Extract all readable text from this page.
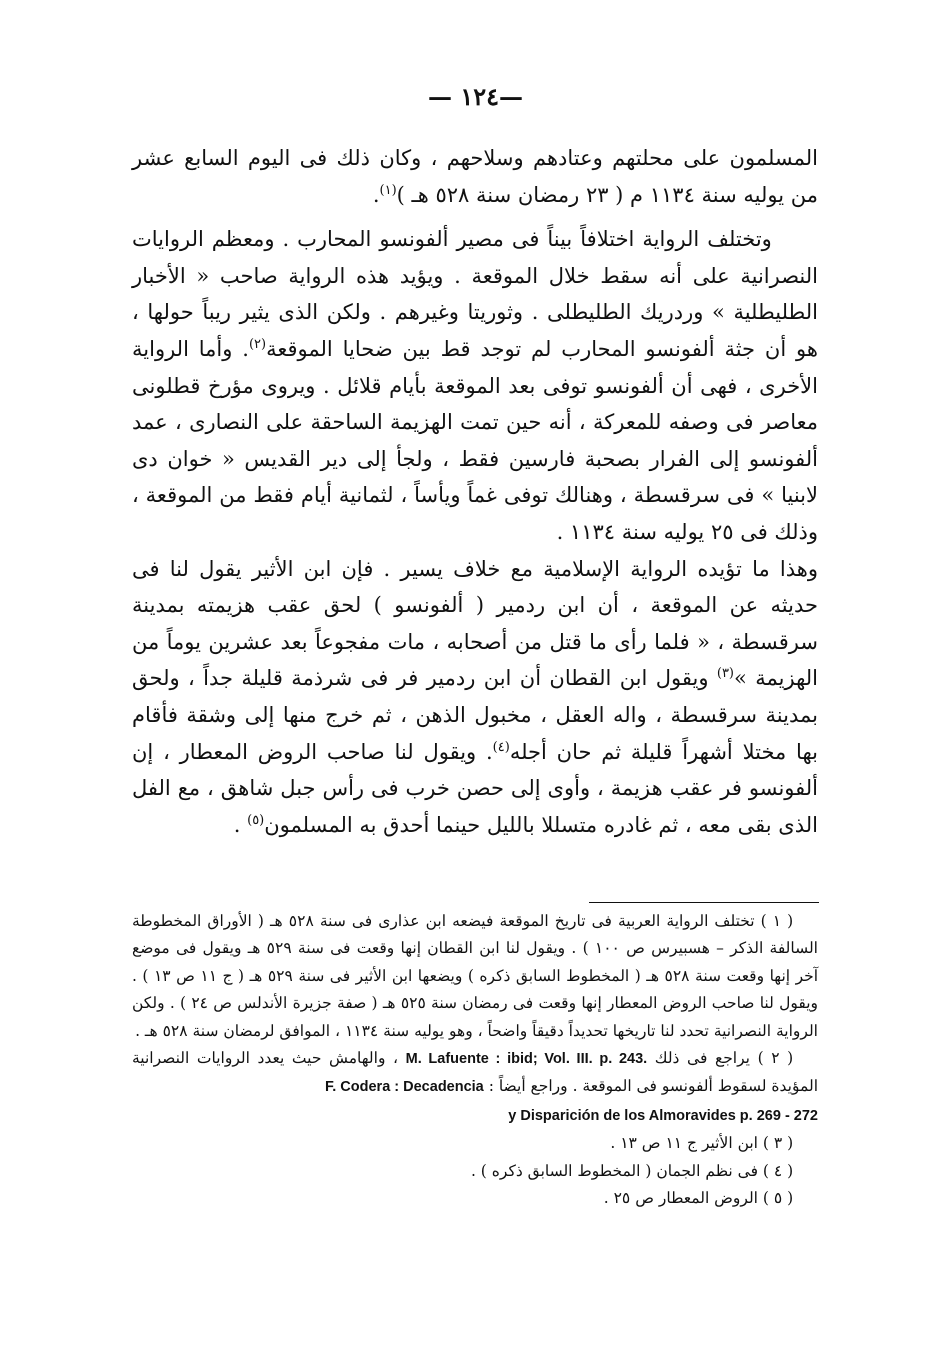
—١٢٤ —

المسلمون على محلتهم وعتادهم وسلاحهم ، وكان ذلك فى اليوم السابع عشر من يوليه سنة ١١٣٤ م ( ٢٣ رمضان سنة ٥٢٨ هـ )$^{(١)}$.

وتختلف الرواية اختلافاً بيناً فى مصير ألفونسو المحارب . ومعظم الروايات النصرانية على أنه سقط خلال الموقعة . ويؤيد هذه الرواية صاحب « الأخبار الطليطلية » وردريك الطليطلى . وثوريتا وغيرهم . ولكن الذى يثير ريباً حولها ، هو أن جثة ألفونسو المحارب لم توجد قط بين ضحايا الموقعة$^{(٢)}$. وأما الرواية الأخرى ، فهى أن ألفونسو توفى بعد الموقعة بأيام قلائل . ويروى مؤرخ قطلونى معاصر فى وصفه للمعركة ، أنه حين تمت الهزيمة الساحقة على النصارى ، عمد ألفونسو إلى الفرار بصحبة فارسين فقط ، ولجأ إلى دير القديس « خوان دى لابنيا » فى سرقسطة ، وهنالك توفى غماً ويأساً ، لثمانية أيام فقط من الموقعة ، وذلك فى ٢٥ يوليه سنة ١١٣٤ .

وهذا ما تؤيده الرواية الإسلامية مع خلاف يسير . فإن ابن الأثير يقول لنا فى حديثه عن الموقعة ، أن ابن ردمير ( ألفونسو ) لحق عقب هزيمته بمدينة سرقسطة ، « فلما رأى ما قتل من أصحابه ، مات مفجوعاً بعد عشرين يوماً من الهزيمة »$^{(٣)}$ ويقول ابن القطان أن ابن ردمير فر فى شرذمة قليلة جداً ، ولحق بمدينة سرقسطة ، واله العقل ، مخبول الذهن ، ثم خرج منها إلى وشقة فأقام بها مختلا أشهراً قليلة ثم حان أجله$^{(٤)}$. ويقول لنا صاحب الروض المعطار ، إن ألفونسو فر عقب هزيمة ، وأوى إلى حصن خرب فى رأس جبل شاهق ، مع الفل الذى بقى معه ، ثم غادره متسللا بالليل حينما أحدق به المسلمون$^{(٥)}$ .

( ١ ) تختلف الرواية العربية فى تاريخ الموقعة فيضعه ابن عذارى فى سنة ٥٢٨ هـ ( الأوراق المخطوطة السالفة الذكر – هسبيرس ص ١٠٠ ) . ويقول لنا ابن القطان إنها وقعت فى سنة ٥٢٩ هـ ويقول فى موضع آخر إنها وقعت سنة ٥٢٨ هـ ( المخطوط السابق ذكره ) ويضعها ابن الأثير فى سنة ٥٢٩ هـ ( ج ١١ ص ١٣ ) . ويقول لنا صاحب الروض المعطار إنها وقعت فى رمضان سنة ٥٢٥ هـ ( صفة جزيرة الأندلس ص ٢٤ ) . ولكن الرواية النصرانية تحدد لنا تاريخها تحديداً دقيقاً واضحاً ، وهو يوليه سنة ١١٣٤ ، الموافق لرمضان سنة ٥٢٨ هـ .

( ٢ ) يراجع فى ذلك M. Lafuente : ibid; Vol. III. p. 243. ، والهامش حيث يعدد الروايات النصرانية المؤيدة لسقوط ألفونسو فى الموقعة . وراجع أيضاً : F. Codera : Decadencia

y Disparición de los Almoravides p. 269 - 272

( ٣ ) ابن الأثير ج ١١ ص ١٣ .

( ٤ ) فى نظم الجمان ( المخطوط السابق ذكره ) .

( ٥ ) الروض المعطار ص ٢٥ .
